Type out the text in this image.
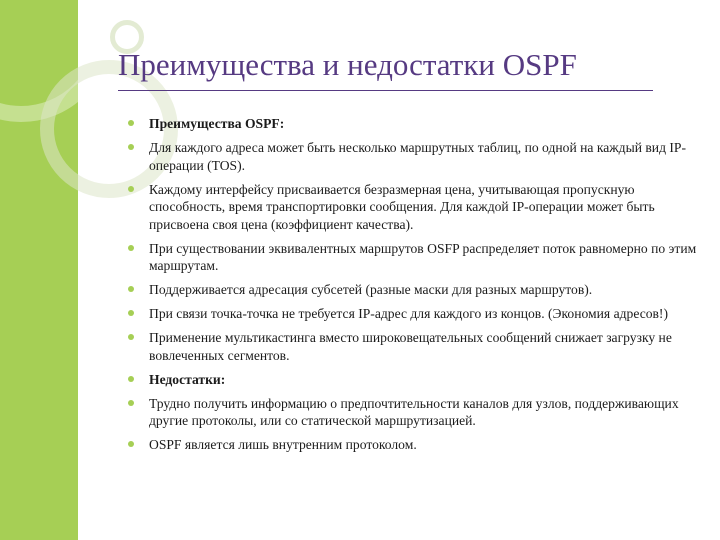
Преимущества и недостатки OSPF
Преимущества OSPF:
Для каждого адреса может быть несколько маршрутных таблиц, по одной на каждый вид IP-операции (TOS).
Каждому интерфейсу присваивается безразмерная цена, учитывающая пропускную способность, время транспортировки сообщения. Для каждой IP-операции может быть присвоена своя цена (коэффициент качества).
При существовании эквивалентных маршрутов OSFP распределяет поток равномерно по этим маршрутам.
Поддерживается адресация субсетей (разные маски для разных маршрутов).
При связи точка-точка не требуется IP-адрес для каждого из концов. (Экономия адресов!)
Применение мультикастинга вместо широковещательных сообщений снижает загрузку не вовлеченных сегментов.
Недостатки:
Трудно получить информацию о предпочтительности каналов для узлов, поддерживающих другие протоколы, или со статической маршрутизацией.
OSPF является лишь внутренним протоколом.
